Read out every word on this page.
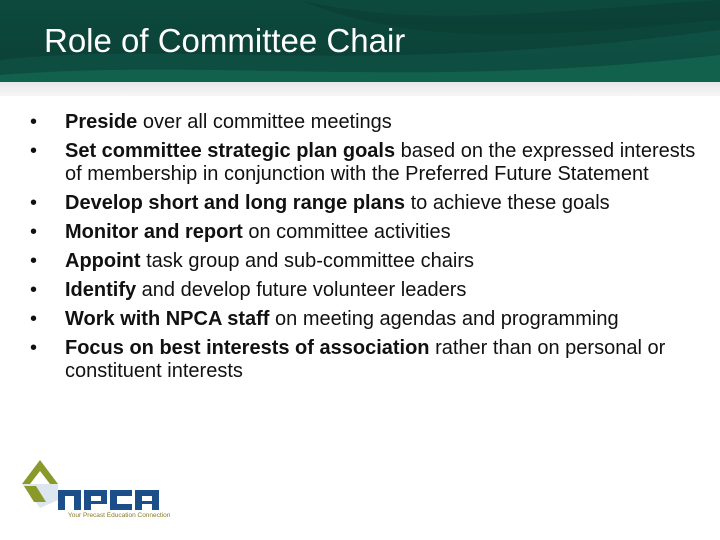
Role of Committee Chair
• Preside over all committee meetings
• Set committee strategic plan goals based on the expressed interests of membership in conjunction with the Preferred Future Statement
• Develop short and long range plans to achieve these goals
• Monitor and report on committee activities
• Appoint task group and sub-committee chairs
• Identify and develop future volunteer leaders
• Work with NPCA staff on meeting agendas and programming
• Focus on best interests of association rather than on personal or constituent interests
Your Precast Education Connection
